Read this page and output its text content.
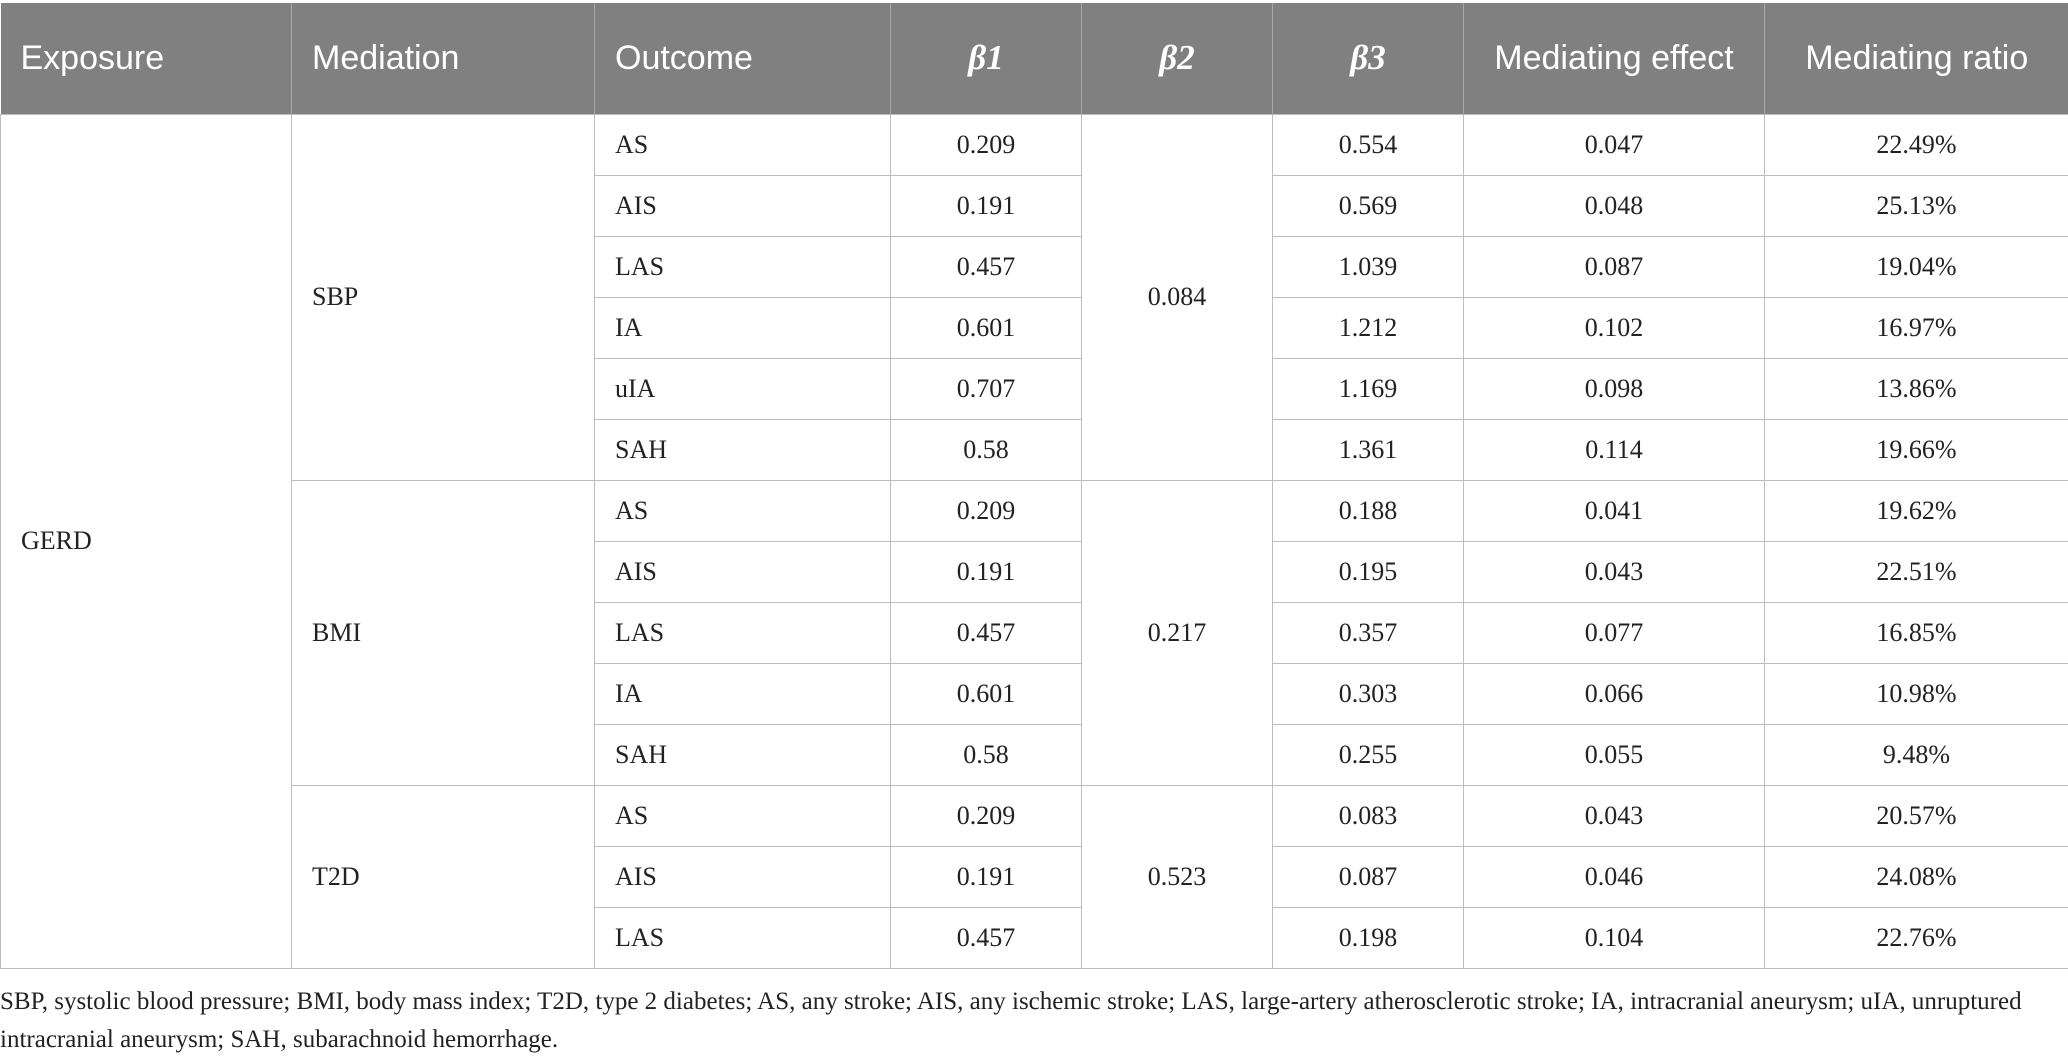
Exposure	Mediation	Outcome	β1	β2	β3	Mediating effect	Mediating ratio
GERD	SBP	AS	0.209	0.084	0.554	0.047	22.49%
		AIS	0.191		0.569	0.048	25.13%
		LAS	0.457		1.039	0.087	19.04%
		IA	0.601		1.212	0.102	16.97%
		uIA	0.707		1.169	0.098	13.86%
		SAH	0.58		1.361	0.114	19.66%
	BMI	AS	0.209	0.217	0.188	0.041	19.62%
		AIS	0.191		0.195	0.043	22.51%
		LAS	0.457		0.357	0.077	16.85%
		IA	0.601		0.303	0.066	10.98%
		SAH	0.58		0.255	0.055	9.48%
	T2D	AS	0.209	0.523	0.083	0.043	20.57%
		AIS	0.191		0.087	0.046	24.08%
		LAS	0.457		0.198	0.104	22.76%
SBP, systolic blood pressure; BMI, body mass index; T2D, type 2 diabetes; AS, any stroke; AIS, any ischemic stroke; LAS, large-artery atherosclerotic stroke; IA, intracranial aneurysm; uIA, unruptured intracranial aneurysm; SAH, subarachnoid hemorrhage.
